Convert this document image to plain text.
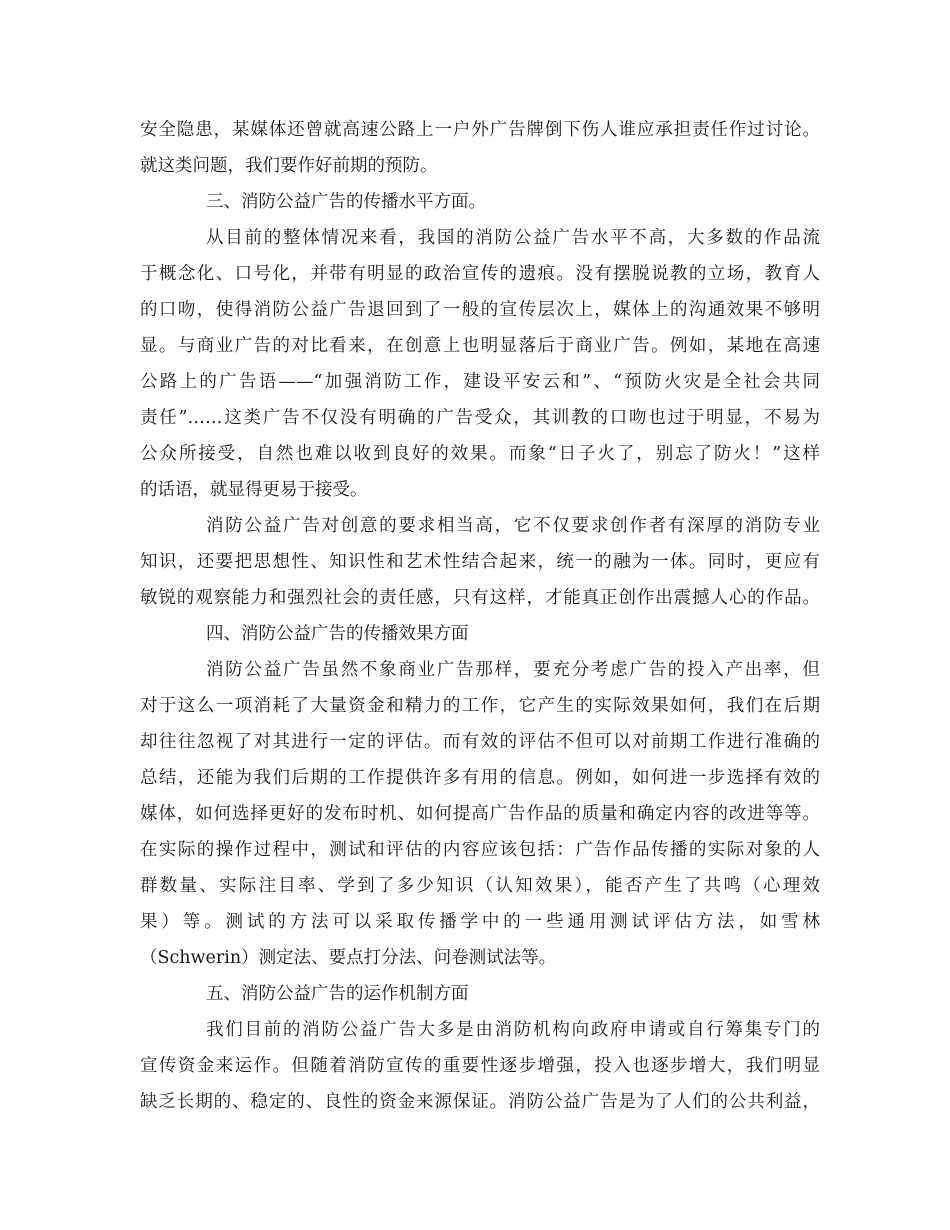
安全隐患，某媒体还曾就高速公路上一户外广告牌倒下伤人谁应承担责任作过讨论。
就这类问题，我们要作好前期的预防。
三、消防公益广告的传播水平方面。
从目前的整体情况来看，我国的消防公益广告水平不高，大多数的作品流
于概念化、口号化，并带有明显的政治宣传的遗痕。没有摆脱说教的立场，教育人
的口吻，使得消防公益广告退回到了一般的宣传层次上，媒体上的沟通效果不够明
显。与商业广告的对比看来，在创意上也明显落后于商业广告。例如，某地在高速
公路上的广告语——“加强消防工作，建设平安云和”、“预防火灾是全社会共同
责任”……这类广告不仅没有明确的广告受众，其训教的口吻也过于明显，不易为
公众所接受，自然也难以收到良好的效果。而象“日子火了，别忘了防火！”这样
的话语，就显得更易于接受。
消防公益广告对创意的要求相当高，它不仅要求创作者有深厚的消防专业
知识，还要把思想性、知识性和艺术性结合起来，统一的融为一体。同时，更应有
敏锐的观察能力和强烈社会的责任感，只有这样，才能真正创作出震撼人心的作品。
四、消防公益广告的传播效果方面
消防公益广告虽然不象商业广告那样，要充分考虑广告的投入产出率，但
对于这么一项消耗了大量资金和精力的工作，它产生的实际效果如何，我们在后期
却往往忽视了对其进行一定的评估。而有效的评估不但可以对前期工作进行准确的
总结，还能为我们后期的工作提供许多有用的信息。例如，如何进一步选择有效的
媒体，如何选择更好的发布时机、如何提高广告作品的质量和确定内容的改进等等。
在实际的操作过程中，测试和评估的内容应该包括：广告作品传播的实际对象的人
群数量、实际注目率、学到了多少知识（认知效果），能否产生了共鸣（心理效
果）等。测试的方法可以采取传播学中的一些通用测试评估方法，如雪林
（Schwerin）测定法、要点打分法、问卷测试法等。
五、消防公益广告的运作机制方面
我们目前的消防公益广告大多是由消防机构向政府申请或自行筹集专门的
宣传资金来运作。但随着消防宣传的重要性逐步增强，投入也逐步增大，我们明显
缺乏长期的、稳定的、良性的资金来源保证。消防公益广告是为了人们的公共利益，
